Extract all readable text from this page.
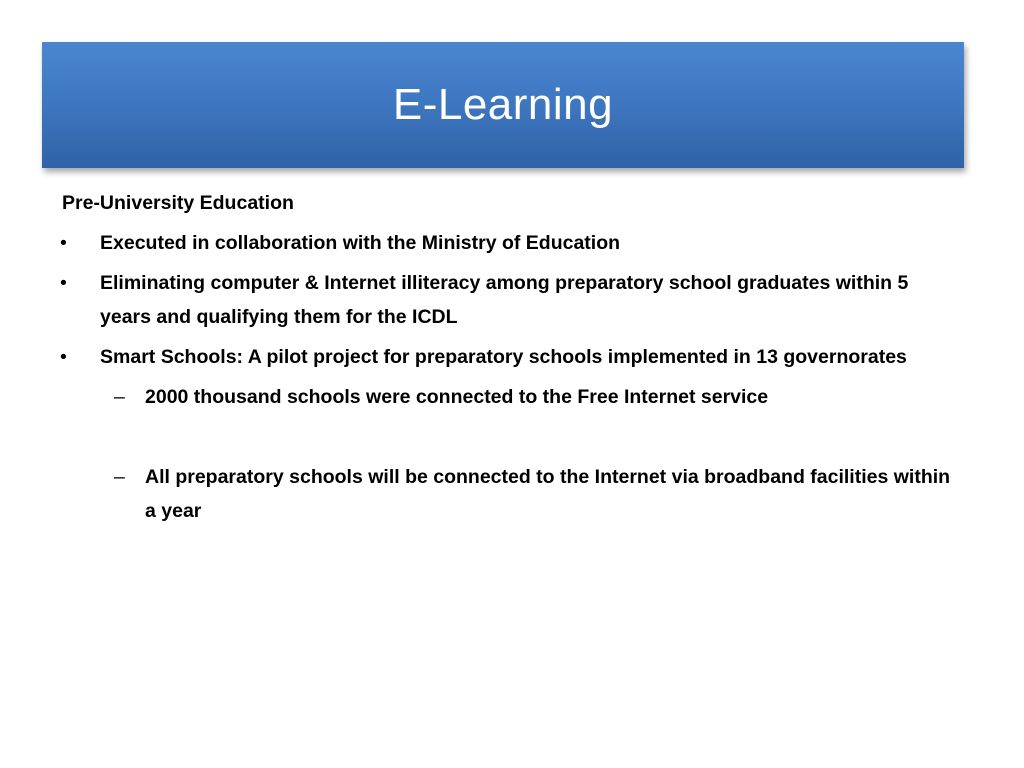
E-Learning
Pre-University Education
• Executed in collaboration with the Ministry of Education
• Eliminating computer & Internet illiteracy among preparatory school graduates within 5 years and qualifying them for the ICDL
• Smart Schools: A pilot project for preparatory schools implemented in 13 governorates
– 2000 thousand schools were connected to the Free Internet service
– All preparatory schools will be connected to the Internet via broadband facilities within a year
